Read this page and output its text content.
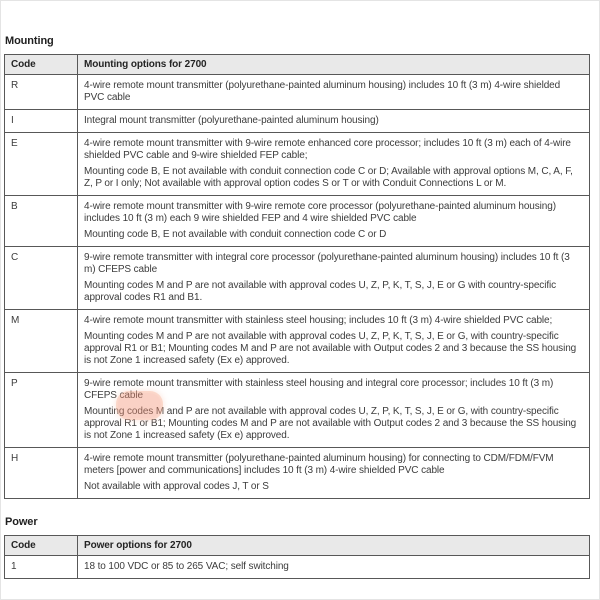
Mounting
Code	Mounting options for 2700
R	4-wire remote mount transmitter (polyurethane-painted aluminum housing) includes 10 ft (3 m) 4-wire shielded PVC cable

I	Integral mount transmitter (polyurethane-painted aluminum housing)

E	4-wire remote mount transmitter with 9-wire remote enhanced core processor; includes 10 ft (3 m) each of 4-wire shielded PVC cable and 9-wire shielded FEP cable;

Mounting code B, E not available with conduit connection code C or D; Available with approval options M, C, A, F, Z, P or I only; Not available with approval option codes S or T or with Conduit Connections L or M.

B	4-wire remote mount transmitter with 9-wire remote core processor (polyurethane-painted aluminum housing) includes 10 ft (3 m) each 9 wire shielded FEP and 4 wire shielded PVC cable

Mounting code B, E not available with conduit connection code C or D

C	9-wire remote transmitter with integral core processor (polyurethane-painted aluminum housing) includes 10 ft (3 m) CFEPS cable

Mounting codes M and P are not available with approval codes U, Z, P, K, T, S, J, E or G with country-specific approval codes R1 and B1.

M	4-wire remote mount transmitter with stainless steel housing; includes 10 ft (3 m) 4-wire shielded PVC cable;

Mounting codes M and P are not available with approval codes U, Z, P, K, T, S, J, E or G, with country-specific approval R1 or B1; Mounting codes M and P are not available with Output codes 2 and 3 because the SS housing is not Zone 1 increased safety (Ex e) approved.

P	9-wire remote mount transmitter with stainless steel housing and integral core processor; includes 10 ft (3 m) CFEPS cable

Mounting codes M and P are not available with approval codes U, Z, P, K, T, S, J, E or G, with country-specific approval R1 or B1; Mounting codes M and P are not available with Output codes 2 and 3 because the SS housing is not Zone 1 increased safety (Ex e) approved.

H	4-wire remote mount transmitter (polyurethane-painted aluminum housing) for connecting to CDM/FDM/FVM meters [power and communications] includes 10 ft (3 m) 4-wire shielded PVC cable

Not available with approval codes J, T or S

Power
Code	Power options for 2700
1	18 to 100 VDC or 85 to 265 VAC; self switching
